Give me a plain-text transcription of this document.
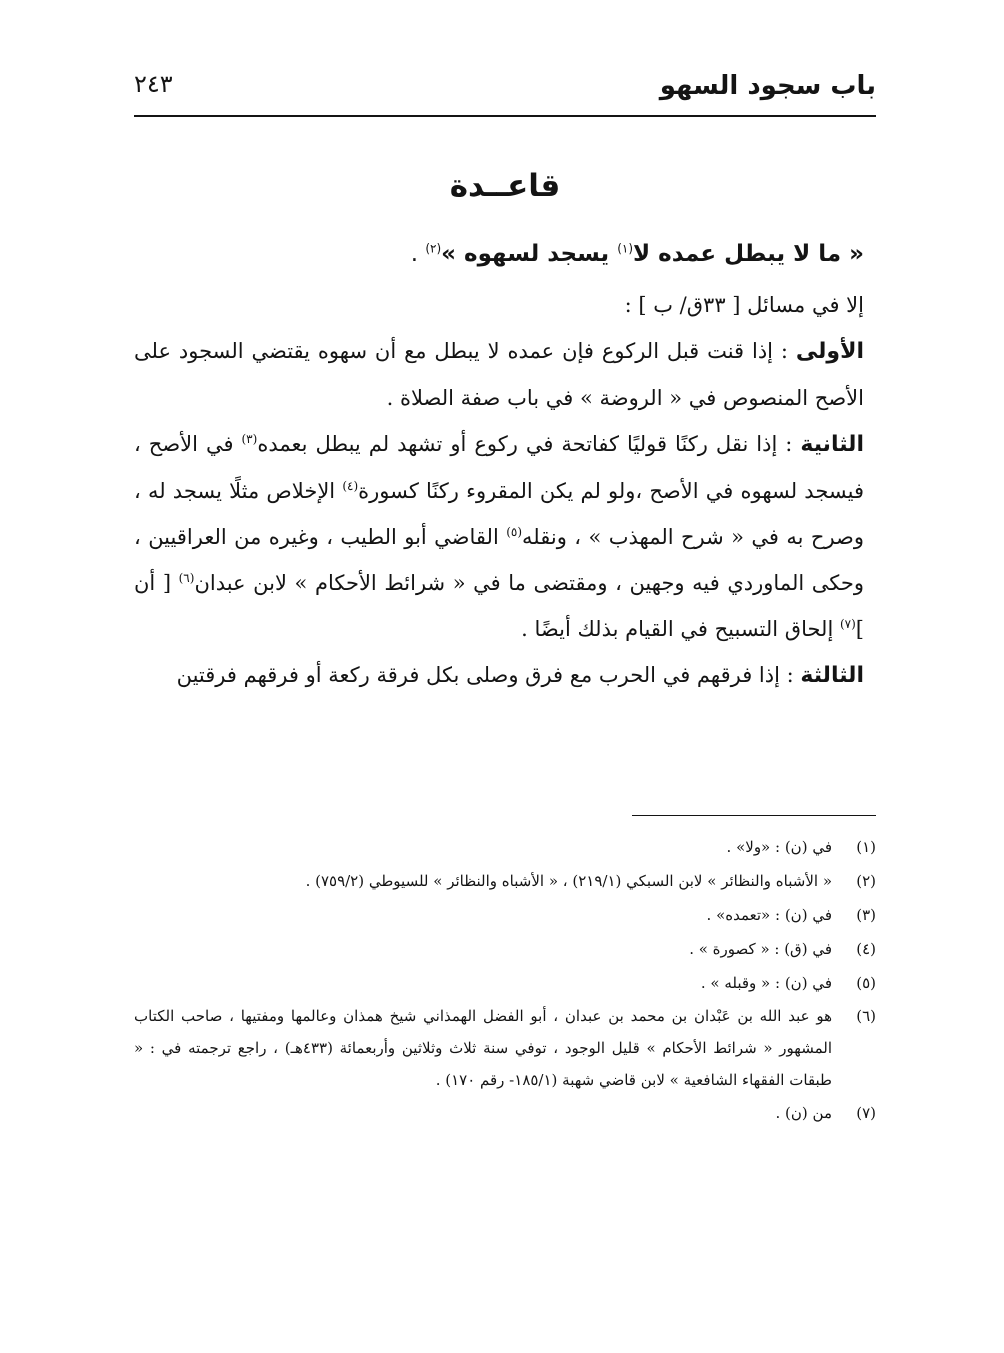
باب سجود السهو
٢٤٣
قاعــدة

« ما لا يبطل عمده لا$^{(١)}$ يسجد لسهوه »$^{(٢)}$ .

إلا في مسائل [ ٣٣ق/ ب ] :

الأولى : إذا قنت قبل الركوع فإن عمده لا يبطل مع أن سهوه يقتضي السجود على الأصح المنصوص في « الروضة » في باب صفة الصلاة .

الثانية : إذا نقل ركنًا قوليًا كفاتحة في ركوع أو تشهد لم يبطل بعمده$^{(٣)}$ في الأصح ، فيسجد لسهوه في الأصح ،ولو لم يكن المقروء ركنًا كسورة$^{(٤)}$ الإخلاص مثلًا يسجد له ، وصرح به في « شرح المهذب » ، ونقله$^{(٥)}$ القاضي أبو الطيب ، وغيره من العراقيين ، وحكى الماوردي فيه وجهين ، ومقتضى ما في « شرائط الأحكام » لابن عبدان$^{(٦)}$ [ أن ]$^{(٧)}$ إلحاق التسبيح في القيام بذلك أيضًا .

الثالثة : إذا فرقهم في الحرب مع فرق وصلى بكل فرقة ركعة أو فرقهم فرقتين

(١)
في (ن) : «ولا» .

(٢)
« الأشباه والنظائر » لابن السبكي (٢١٩/١) ، « الأشباه والنظائر » للسيوطي (٧٥٩/٢) .

(٣)
في (ن) : «تعمده» .

(٤)
في (ق) : « كصورة » .

(٥)
في (ن) : « وقبله » .

(٦)
هو عبد الله بن عَبْدان بن محمد بن عبدان ، أبو الفضل الهمذاني شيخ همذان وعالمها ومفتيها ، صاحب الكتاب المشهور « شرائط الأحكام » قليل الوجود ، توفي سنة ثلاث وثلاثين وأربعمائة (٤٣٣هـ) ، راجع ترجمته في : « طبقات الفقهاء الشافعية » لابن قاضي شهبة (١٨٥/١- رقم ١٧٠) .

(٧)
من (ن) .
